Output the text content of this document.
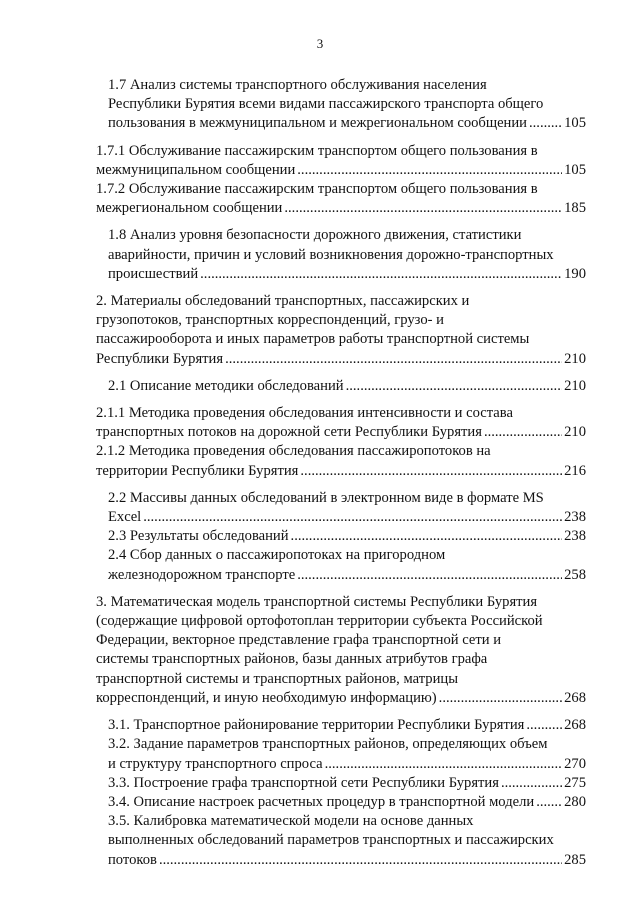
3
1.7 Анализ системы транспортного обслуживания населения
Республики Бурятия всеми видами пассажирского транспорта общего
пользования в межмуниципальном и межрегиональном сообщении .....	105
1.7.1 Обслуживание пассажирским транспортом общего пользования в
межмуниципальном сообщении .....	105
1.7.2 Обслуживание пассажирским транспортом общего пользования в
межрегиональном сообщении .....	185
1.8 Анализ уровня безопасности дорожного движения, статистики
аварийности, причин и условий возникновения дорожно-транспортных
происшествий .....	190
2. Материалы обследований транспортных, пассажирских и
грузопотоков, транспортных корреспонденций, грузо- и
пассажирооборота и иных параметров работы транспортной системы
Республики Бурятия .....	210
2.1 Описание методики обследований .....	210
2.1.1 Методика проведения обследования интенсивности и состава
транспортных потоков на дорожной сети Республики Бурятия .....	210
2.1.2 Методика проведения обследования пассажиропотоков на
территории Республики Бурятия .....	216
2.2 Массивы данных обследований в электронном виде в формате MS
Excel .....	238
2.3 Результаты обследований .....	238
2.4 Сбор данных о пассажиропотоках на пригородном
железнодорожном транспорте .....	258
3. Математическая модель транспортной системы Республики Бурятия
(содержащие цифровой ортофотоплан территории субъекта Российской
Федерации, векторное представление графа транспортной сети и
системы транспортных районов, базы данных атрибутов графа
транспортной системы и транспортных районов, матрицы
корреспонденций, и иную необходимую информацию) .....	268
3.1. Транспортное районирование территории Республики Бурятия .....	268
3.2. Задание параметров транспортных районов, определяющих объем
и структуру транспортного спроса .....	270
3.3. Построение графа транспортной сети Республики Бурятия .....	275
3.4. Описание настроек расчетных процедур в транспортной модели ..... 280
3.5. Калибровка математической модели на основе данных
выполненных обследований параметров транспортных и пассажирских
потоков .....	285
